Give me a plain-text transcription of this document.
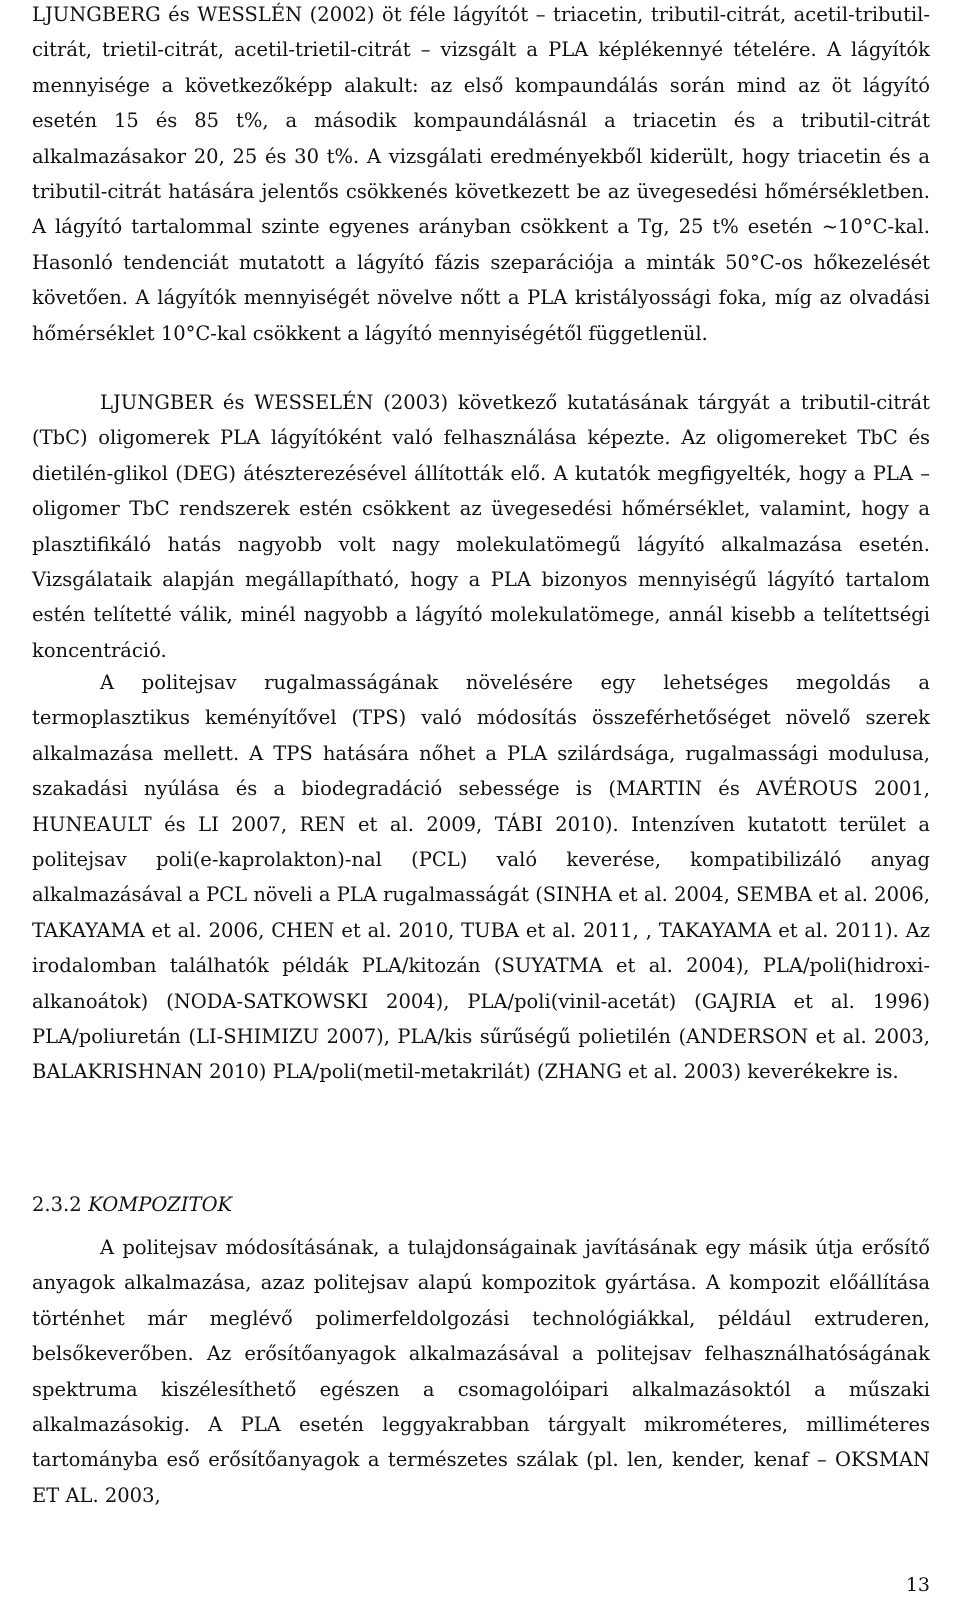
LJUNGBERG és WESSLÉN (2002) öt féle lágyítót – triacetin, tributil-citrát, acetil-tributil-citrát, trietil-citrát, acetil-trietil-citrát – vizsgált a PLA képlékennyé tételére. A lágyítók mennyisége a következőképp alakult: az első kompaundálás során mind az öt lágyító esetén 15 és 85 t%, a második kompaundálásnál a triacetin és a tributil-citrát alkalmazásakor 20, 25 és 30 t%. A vizsgálati eredményekből kiderült, hogy triacetin és a tributil-citrát hatására jelentős csökkenés következett be az üvegesedési hőmérsékletben. A lágyító tartalommal szinte egyenes arányban csökkent a Tg, 25 t% esetén ~10°C-kal. Hasonló tendenciát mutatott a lágyító fázis szeparációja a minták 50°C-os hőkezelését követően. A lágyítók mennyiségét növelve nőtt a PLA kristályossági foka, míg az olvadási hőmérséklet 10°C-kal csökkent a lágyító mennyiségétől függetlenül.

LJUNGBER és WESSELÉN (2003) következő kutatásának tárgyát a tributil-citrát (TbC) oligomerek PLA lágyítóként való felhasználása képezte. Az oligomereket TbC és dietilén-glikol (DEG) átészterezésével állították elő. A kutatók megfigyelték, hogy a PLA – oligomer TbC rendszerek estén csökkent az üvegesedési hőmérséklet, valamint, hogy a plasztifikáló hatás nagyobb volt nagy molekulatömegű lágyító alkalmazása esetén. Vizsgálataik alapján megállapítható, hogy a PLA bizonyos mennyiségű lágyító tartalom estén telítetté válik, minél nagyobb a lágyító molekulatömege, annál kisebb a telítettségi koncentráció.

A politejsav rugalmasságának növelésére egy lehetséges megoldás a termoplasztikus keményítővel (TPS) való módosítás összeférhetőséget növelő szerek alkalmazása mellett. A TPS hatására nőhet a PLA szilárdsága, rugalmassági modulusa, szakadási nyúlása és a biodegradáció sebessége is (MARTIN és AVÉROUS 2001, HUNEAULT és LI 2007, REN et al. 2009, TÁBI 2010). Intenzíven kutatott terület a politejsav poli(e-kaprolakton)-nal (PCL) való keverése, kompatibilizáló anyag alkalmazásával a PCL növeli a PLA rugalmasságát (SINHA et al. 2004, SEMBA et al. 2006, TAKAYAMA et al. 2006, CHEN et al. 2010, TUBA et al. 2011, , TAKAYAMA et al. 2011). Az irodalomban találhatók példák PLA/kitozán (SUYATMA et al. 2004), PLA/poli(hidroxi-alkanoátok) (NODA-SATKOWSKI 2004), PLA/poli(vinil-acetát) (GAJRIA et al. 1996) PLA/poliuretán (LI-SHIMIZU 2007), PLA/kis sűrűségű polietilén (ANDERSON et al. 2003, BALAKRISHNAN 2010) PLA/poli(metil-metakrilát) (ZHANG et al. 2003) keverékekre is.

2.3.2 KOMPOZITOK

A politejsav módosításának, a tulajdonságainak javításának egy másik útja erősítő anyagok alkalmazása, azaz politejsav alapú kompozitok gyártása. A kompozit előállítása történhet már meglévő polimerfeldolgozási technológiákkal, például extruderen, belsőkeverőben. Az erősítőanyagok alkalmazásával a politejsav felhasználhatóságának spektruma kiszélesíthető egészen a csomagolóipari alkalmazásoktól a műszaki alkalmazásokig. A PLA esetén leggyakrabban tárgyalt mikrométeres, milliméteres tartományba eső erősítőanyagok a természetes szálak (pl. len, kender, kenaf – OKSMAN ET AL. 2003,

13
